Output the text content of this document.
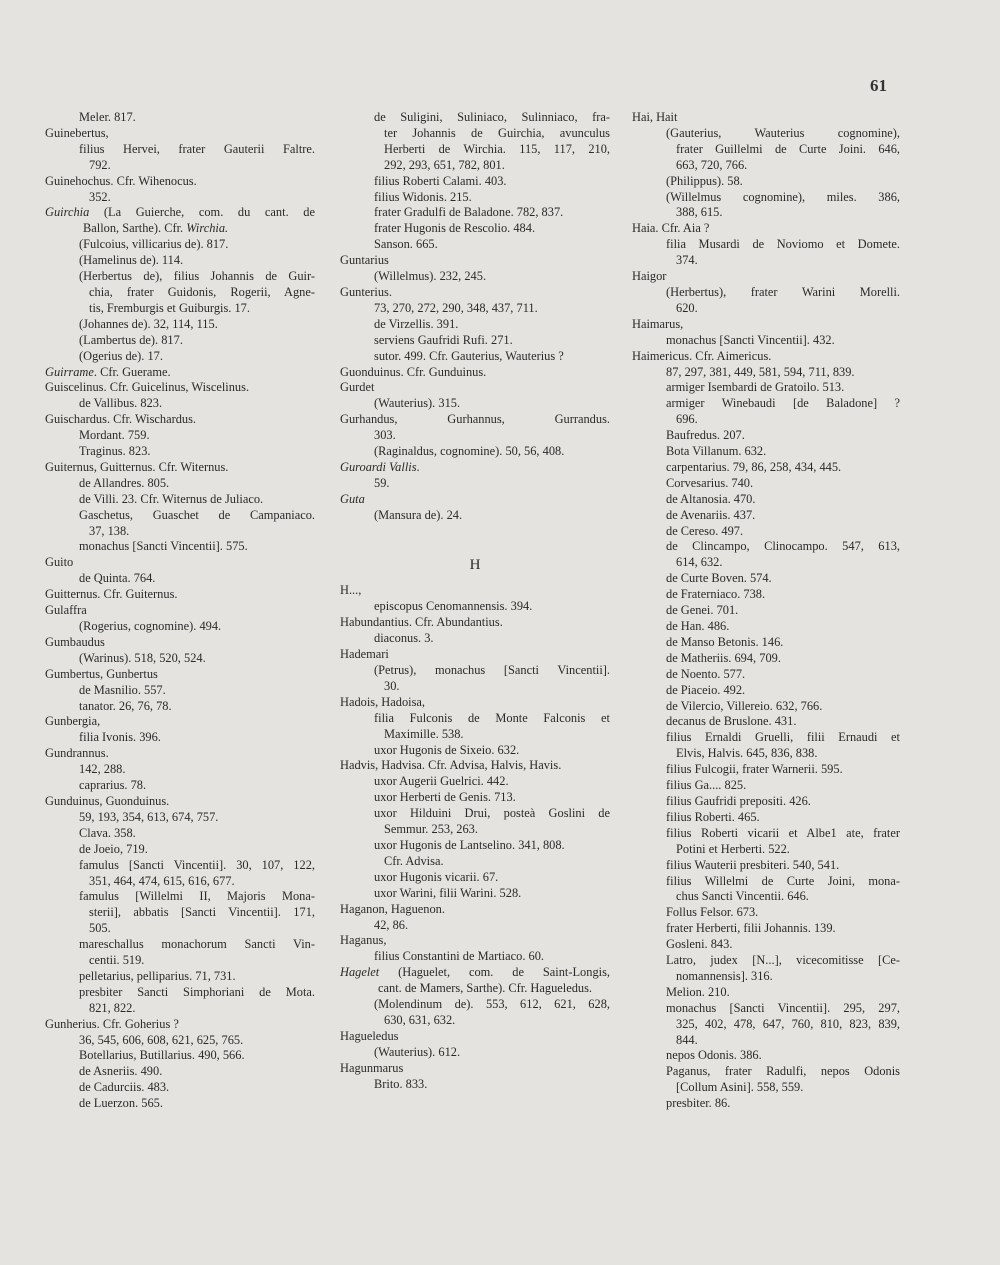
61
Meler. 817.
Guinebertus,
filius Hervei, frater Gauterii Faltre.
792.
Guinehochus. Cfr. Wihenocus.
352.
Guirchia (La Guierche, com. du cant. de
Ballon, Sarthe). Cfr. Wirchia.
(Fulcoius, villicarius de). 817.
(Hamelinus de). 114.
(Herbertus de), filius Johannis de Guir-
chia, frater Guidonis, Rogerii, Agne-
tis, Fremburgis et Guiburgis. 17.
(Johannes de). 32, 114, 115.
(Lambertus de). 817.
(Ogerius de). 17.
Guirrame. Cfr. Guerame.
Guiscelinus. Cfr. Guicelinus, Wiscelinus.
de Vallibus. 823.
Guischardus. Cfr. Wischardus.
Mordant. 759.
Traginus. 823.
Guiternus, Guitternus. Cfr. Witernus.
de Allandres. 805.
de Villi. 23. Cfr. Witernus de Juliaco.
Gaschetus, Guaschet de Campaniaco.
37, 138.
monachus [Sancti Vincentii]. 575.
Guito
de Quinta. 764.
Guitternus. Cfr. Guiternus.
Gulaffra
(Rogerius, cognomine). 494.
Gumbaudus
(Warinus). 518, 520, 524.
Gumbertus, Gunbertus
de Masnilio. 557.
tanator. 26, 76, 78.
Gunbergia,
filia Ivonis. 396.
Gundrannus.
142, 288.
caprarius. 78.
Gunduinus, Guonduinus.
59, 193, 354, 613, 674, 757.
Clava. 358.
de Joeio, 719.
famulus [Sancti Vincentii]. 30, 107, 122,
351, 464, 474, 615, 616, 677.
famulus [Willelmi II, Majoris Mona-
sterii], abbatis [Sancti Vincentii]. 171,
505.
mareschallus monachorum Sancti Vin-
centii. 519.
pelletarius, pelliparius. 71, 731.
presbiter Sancti Simphoriani de Mota.
821, 822.
Gunherius. Cfr. Goherius ?
36, 545, 606, 608, 621, 625, 765.
Botellarius, Butillarius. 490, 566.
de Asneriis. 490.
de Cadurciis. 483.
de Luerzon. 565.
de Suligini, Suliniaco, Sulinniaco, fra-
ter Johannis de Guirchia, avunculus
Herberti de Wirchia. 115, 117, 210,
292, 293, 651, 782, 801.
filius Roberti Calami. 403.
filius Widonis. 215.
frater Gradulfi de Baladone. 782, 837.
frater Hugonis de Rescolio. 484.
Sanson. 665.
Guntarius
(Willelmus). 232, 245.
Gunterius.
73, 270, 272, 290, 348, 437, 711.
de Virzellis. 391.
serviens Gaufridi Rufi. 271.
sutor. 499. Cfr. Gauterius, Wauterius ?
Guonduinus. Cfr. Gunduinus.
Gurdet
(Wauterius). 315.
Gurhandus, Gurhannus, Gurrandus.
303.
(Raginaldus, cognomine). 50, 56, 408.
Guroardi Vallis.
59.
Guta
(Mansura de). 24.
H
H...,
episcopus Cenomannensis. 394.
Habundantius. Cfr. Abundantius.
diaconus. 3.
Hademari
(Petrus), monachus [Sancti Vincentii].
30.
Hadois, Hadoisa,
filia Fulconis de Monte Falconis et
Maximille. 538.
uxor Hugonis de Sixeio. 632.
Hadvis, Hadvisa. Cfr. Advisa, Halvis, Havis.
uxor Augerii Guelrici. 442.
uxor Herberti de Genis. 713.
uxor Hilduini Drui, posteà Goslini de
Semmur. 253, 263.
uxor Hugonis de Lantselino. 341, 808.
Cfr. Advisa.
uxor Hugonis vicarii. 67.
uxor Warini, filii Warini. 528.
Haganon, Haguenon.
42, 86.
Haganus,
filius Constantini de Martiaco. 60.
Hagelet (Haguelet, com. de Saint-Longis,
cant. de Mamers, Sarthe). Cfr. Hagueledus.
(Molendinum de). 553, 612, 621, 628,
630, 631, 632.
Hagueledus
(Wauterius). 612.
Hagunmarus
Brito. 833.
Hai, Hait
(Gauterius, Wauterius cognomine),
frater Guillelmi de Curte Joini. 646,
663, 720, 766.
(Philippus). 58.
(Willelmus cognomine), miles. 386,
388, 615.
Haia. Cfr. Aia ?
filia Musardi de Noviomo et Domete.
374.
Haigor
(Herbertus), frater Warini Morelli.
620.
Haimarus,
monachus [Sancti Vincentii]. 432.
Haimericus. Cfr. Aimericus.
87, 297, 381, 449, 581, 594, 711, 839.
armiger Isembardi de Gratoilo. 513.
armiger Winebaudi [de Baladone] ?
696.
Baufredus. 207.
Bota Villanum. 632.
carpentarius. 79, 86, 258, 434, 445.
Corvesarius. 740.
de Altanosia. 470.
de Avenariis. 437.
de Cereso. 497.
de Clincampo, Clinocampo. 547, 613,
614, 632.
de Curte Boven. 574.
de Fraterniaco. 738.
de Genei. 701.
de Han. 486.
de Manso Betonis. 146.
de Matheriis. 694, 709.
de Noento. 577.
de Piaceio. 492.
de Vilercio, Villereio. 632, 766.
decanus de Bruslone. 431.
filius Ernaldi Gruelli, filii Ernaudi et
Elvis, Halvis. 645, 836, 838.
filius Fulcogii, frater Warnerii. 595.
filius Ga.... 825.
filius Gaufridi prepositi. 426.
filius Roberti. 465.
filius Roberti vicarii et Albe1 ate, frater
Potini et Herberti. 522.
filius Wauterii presbiteri. 540, 541.
filius Willelmi de Curte Joini, mona-
chus Sancti Vincentii. 646.
Follus Felsor. 673.
frater Herberti, filii Johannis. 139.
Gosleni. 843.
Latro, judex [N...], vicecomitisse [Ce-
nomannensis]. 316.
Melion. 210.
monachus [Sancti Vincentii]. 295, 297,
325, 402, 478, 647, 760, 810, 823, 839,
844.
nepos Odonis. 386.
Paganus, frater Radulfi, nepos Odonis
[Collum Asini]. 558, 559.
presbiter. 86.
